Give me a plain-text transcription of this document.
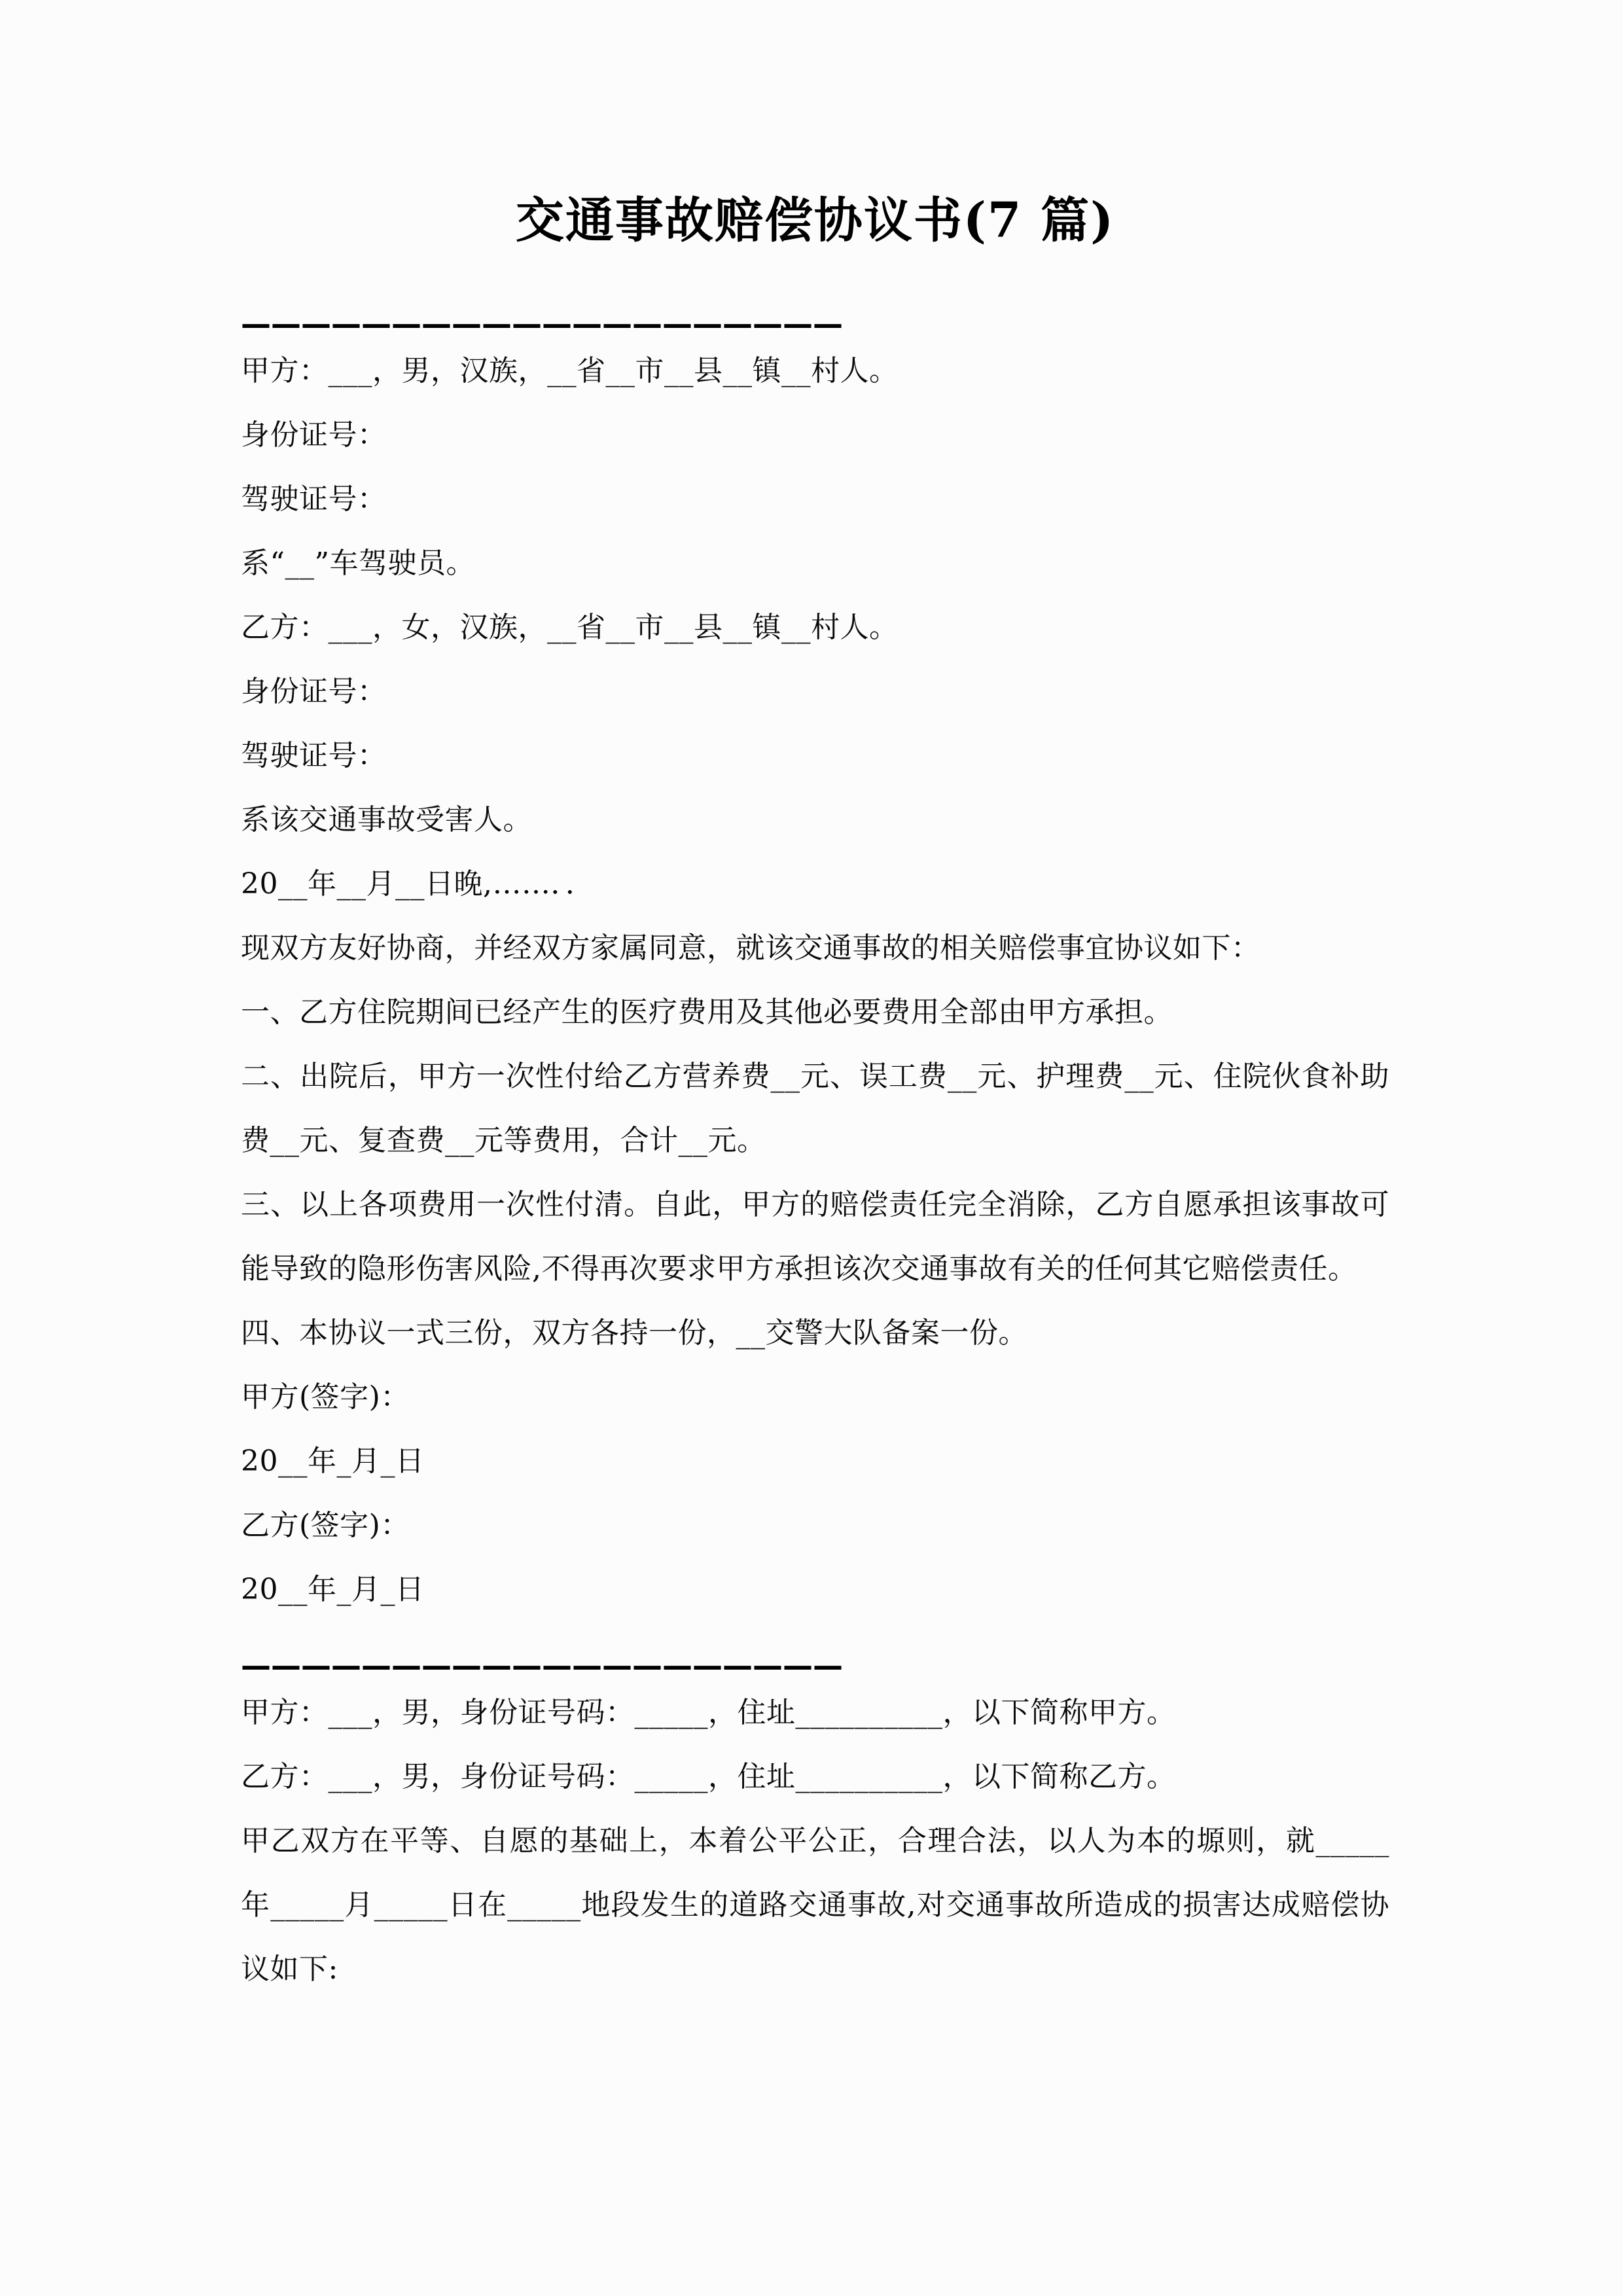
交通事故赔偿协议书(7 篇)
————————————————————

甲方：___，男，汉族，__省__市__县__镇__村人。

身份证号：

驾驶证号：

系“__”车驾驶员。

乙方：___，女，汉族，__省__市__县__镇__村人。

身份证号：

驾驶证号：

系该交通事故受害人。

20__年__月__日晚,……．．

现双方友好协商，并经双方家属同意，就该交通事故的相关赔偿事宜协议如下：

一、乙方住院期间已经产生的医疗费用及其他必要费用全部由甲方承担。

二、出院后，甲方一次性付给乙方营养费__元、误工费__元、护理费__元、住院伙食补助费__元、复查费__元等费用，合计__元。

三、以上各项费用一次性付清。自此，甲方的赔偿责任完全消除，乙方自愿承担该事故可能导致的隐形伤害风险,不得再次要求甲方承担该次交通事故有关的任何其它赔偿责任。

四、本协议一式三份，双方各持一份，__交警大队备案一份。

甲方(签字)：

20__年_月_日

乙方(签字)：

20__年_月_日

————————————————————

甲方：___，男，身份证号码：_____，住址__________，以下简称甲方。

乙方：___，男，身份证号码：_____，住址__________，以下简称乙方。

甲乙双方在平等、自愿的基础上，本着公平公正，合理合法，以人为本的塬则，就_____年_____月_____日在_____地段发生的道路交通事故,对交通事故所造成的损害达成赔偿协议如下:
